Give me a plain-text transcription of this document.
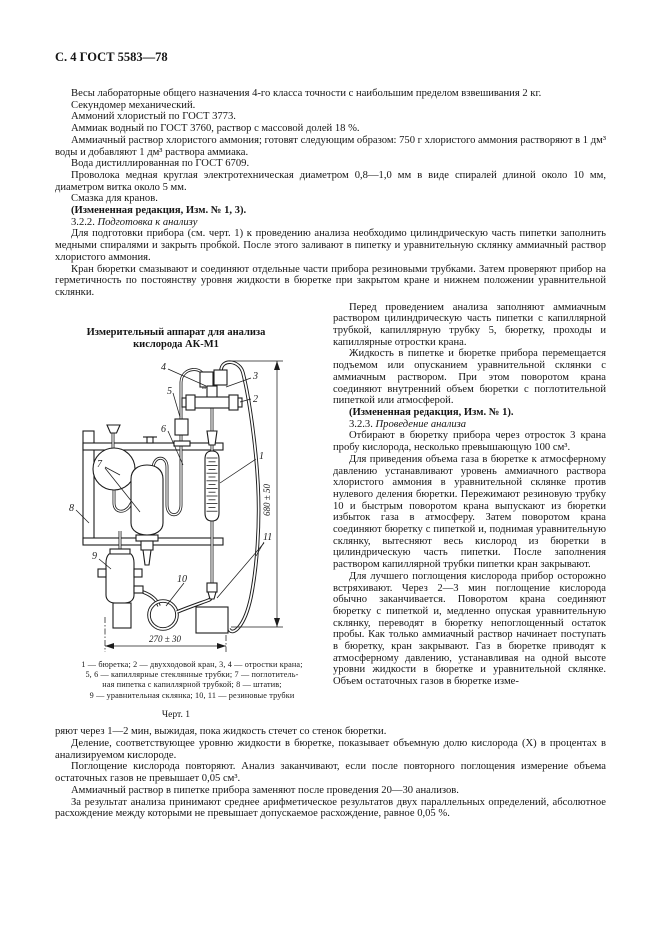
С. 4 ГОСТ 5583—78

Весы лабораторные общего назначения 4-го класса точности с наибольшим пределом взвешивания 2 кг.

Секундомер механический.

Аммоний хлористый по ГОСТ 3773.

Аммиак водный по ГОСТ 3760, раствор с массовой долей 18 %.

Аммиачный раствор хлористого аммония; готовят следующим образом: 750 г хлористого аммония растворяют в 1 дм³ воды и добавляют 1 дм³ раствора аммиака.

Вода дистиллированная по ГОСТ 6709.

Проволока медная круглая электротехническая диаметром 0,8—1,0 мм в виде спиралей длиной около 10 мм, диаметром витка около 5 мм.

Смазка для кранов.

(Измененная редакция, Изм. № 1, 3).

3.2.2. Подготовка к анализу

Для подготовки прибора (см. черт. 1) к проведению анализа необходимо цилиндрическую часть пипетки заполнить медными спиралями и закрыть пробкой. После этого заливают в пипетку и уравнительную склянку аммиачный раствор хлористого аммония.

Кран бюретки смазывают и соединяют отдельные части прибора резиновыми трубками. Затем проверяют прибор на герметичность по постоянству уровня жидкости в бюретке при закрытом кране и нижнем положении уравнительной склянки.

Измерительный аппарат для анализа
кислорода АК-М1
680 ± 50
270 ± 30
1
2
3
4
5
6
7
8
9
10
11
1 — бюретка; 2 — двухходовой кран, 3, 4 — отростки крана;
5, 6 — капиллярные стеклянные трубки; 7 — поглотитель-
ная пипетка с капиллярной трубкой; 8 — штатив;
9 — уравнительная склянка; 10, 11 — резиновые трубки
Черт. 1

Перед проведением анализа заполняют аммиачным раствором цилиндрическую часть пипетки с капиллярной трубкой, капиллярную трубку 5, бюретку, проходы и капиллярные отростки крана.

Жидкость в пипетке и бюретке прибора перемещается подъемом или опусканием уравнительной склянки с аммиачным раствором. При этом поворотом крана соединяют внутренний объем бюретки с поглотительной пипеткой или атмосферой.

(Измененная редакция, Изм. № 1).

3.2.3. Проведение анализа

Отбирают в бюретку прибора через отросток 3 крана пробу кислорода, несколько превышающую 100 см³.

Для приведения объема газа в бюретке к атмосферному давлению устанавливают уровень аммиачного раствора хлористого аммония в уравнительной склянке против нулевого деления бюретки. Пережимают резиновую трубку 10 и быстрым поворотом крана выпускают из бюретки избыток газа в атмосферу. Затем поворотом крана соединяют бюретку с пипеткой и, поднимая уравнительную склянку, вытесняют весь кислород из бюретки в цилиндрическую часть пипетки. После заполнения раствором капиллярной трубки пипетки кран закрывают.

Для лучшего поглощения кислорода прибор осторожно встряхивают. Через 2—3 мин поглощение кислорода обычно заканчивается. Поворотом крана соединяют бюретку с пипеткой и, медленно опуская уравнительную склянку, переводят в бюретку непоглощенный остаток пробы. Как только аммиачный раствор начинает поступать в бюретку, кран закрывают. Газ в бюретке приводят к атмосферному давлению, устанавливая на одной высоте уровни жидкости в бюретке и уравнительной склянке. Объем остаточных газов в бюретке изме-

ряют через 1—2 мин, выжидая, пока жидкость стечет со стенок бюретки.

Деление, соответствующее уровню жидкости в бюретке, показывает объемную долю кислорода (X) в процентах в анализируемом кислороде.

Поглощение кислорода повторяют. Анализ заканчивают, если после повторного поглощения измерение объема остаточных газов не превышает 0,05 см³.

Аммиачный раствор в пипетке прибора заменяют после проведения 20—30 анализов.

За результат анализа принимают среднее арифметическое результатов двух параллельных определений, абсолютное расхождение между которыми не превышает допускаемое расхождение, равное 0,05 %.
